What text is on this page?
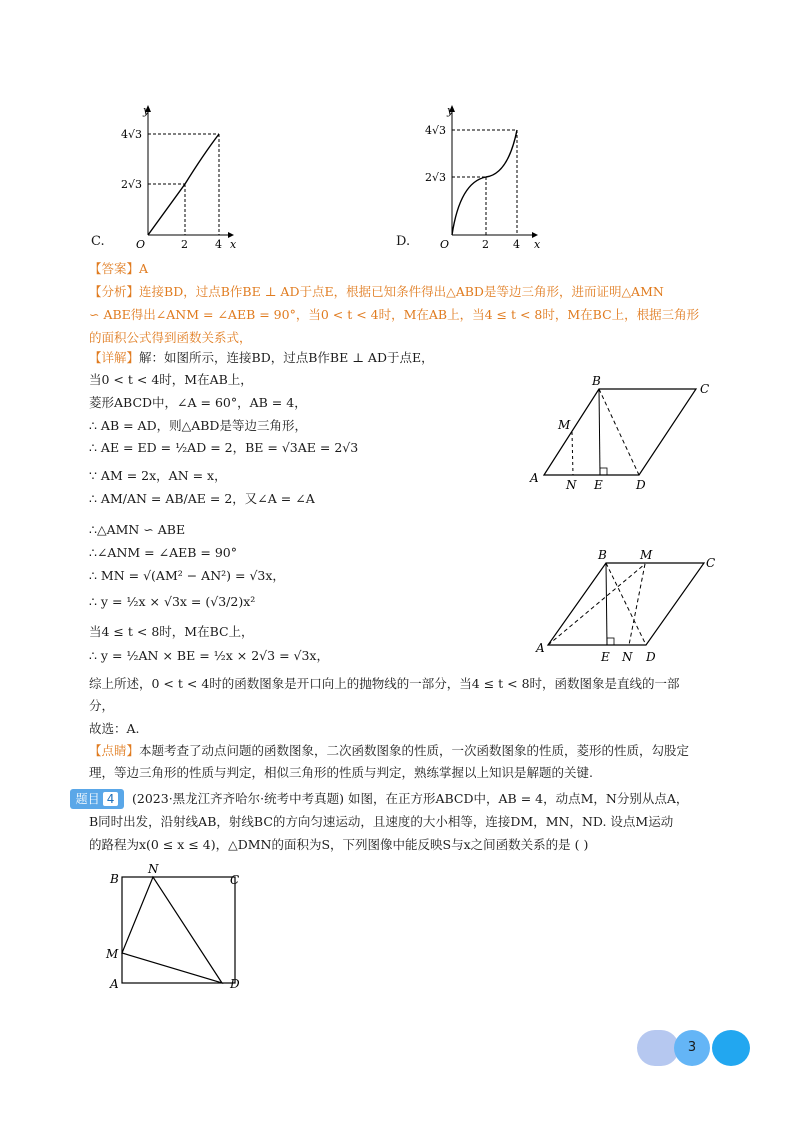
y
x
O
4√3
2√3
2 4
C.
y
x
O
4√3
2√3
2 4
D.
【答案】A
【分析】连接BD，过点B作BE ⊥ AD于点E，根据已知条件得出△ABD是等边三角形，进而证明△AMN
∽ ABE得出∠ANM = ∠AEB = 90°，当0 < t < 4时，M在AB上，当4 ≤ t < 8时，M在BC上，根据三角形
的面积公式得到函数关系式，
【详解】解：如图所示，连接BD，过点B作BE ⊥ AD于点E，
当0 < t < 4时，M在AB上，
菱形ABCD中，∠A = 60°，AB = 4，
∴ AB = AD，则△ABD是等边三角形，
∴ AE = ED = ½AD = 2，BE = √3AE = 2√3
∵ AM = 2x，AN = x，
∴ AM/AN = AB/AE = 2，又∠A = ∠A
∴△AMN ∽ ABE
∴∠ANM = ∠AEB = 90°
∴ MN = √(AM² − AN²) = √3x，
∴ y = ½x × √3x = (√3/2)x²
当4 ≤ t < 8时，M在BC上，
∴ y = ½AN × BE = ½x × 2√3 = √3x，
综上所述，0 < t < 4时的函数图象是开口向上的抛物线的一部分，当4 ≤ t < 8时，函数图象是直线的一部
分，
故选：A.
【点睛】本题考查了动点问题的函数图象，二次函数图象的性质，一次函数图象的性质，菱形的性质，勾股定
理，等边三角形的性质与判定，相似三角形的性质与判定，熟练掌握以上知识是解题的关键.
A
B
C
D
M
N E
A
B
C
D
M
N
E
题目 4	(2023·黑龙江齐齐哈尔·统考中考真题) 如图，在正方形ABCD中，AB = 4，动点M，N分别从点A，
B同时出发，沿射线AB，射线BC的方向匀速运动，且速度的大小相等，连接DM，MN，ND. 设点M运动
的路程为x(0 ≤ x ≤ 4)，△DMN的面积为S，下列图像中能反映S与x之间函数关系的是 ( )
B
N
C
M
A	D
3
